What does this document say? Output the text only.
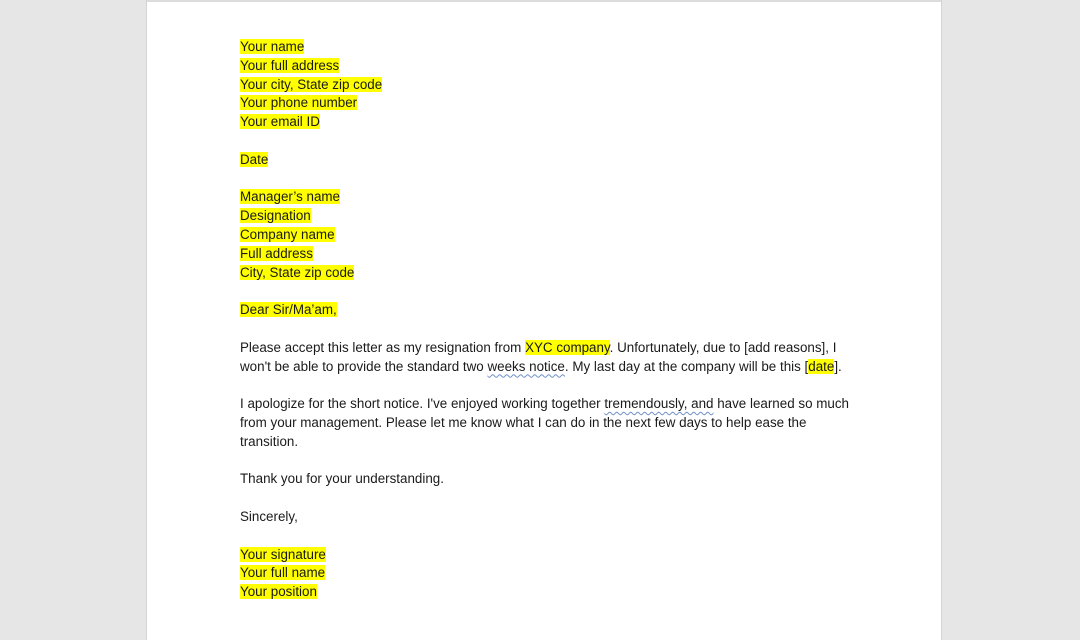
Your name
Your full address
Your city, State zip code
Your phone number
Your email ID
Date
Manager’s name
Designation
Company name
Full address
City, State zip code
Dear Sir/Ma’am,
Please accept this letter as my resignation from XYC company. Unfortunately, due to [add reasons], I won't be able to provide the standard two weeks notice. My last day at the company will be this [date].
I apologize for the short notice. I've enjoyed working together tremendously, and have learned so much from your management. Please let me know what I can do in the next few days to help ease the transition.
Thank you for your understanding.
Sincerely,
Your signature
Your full name
Your position
